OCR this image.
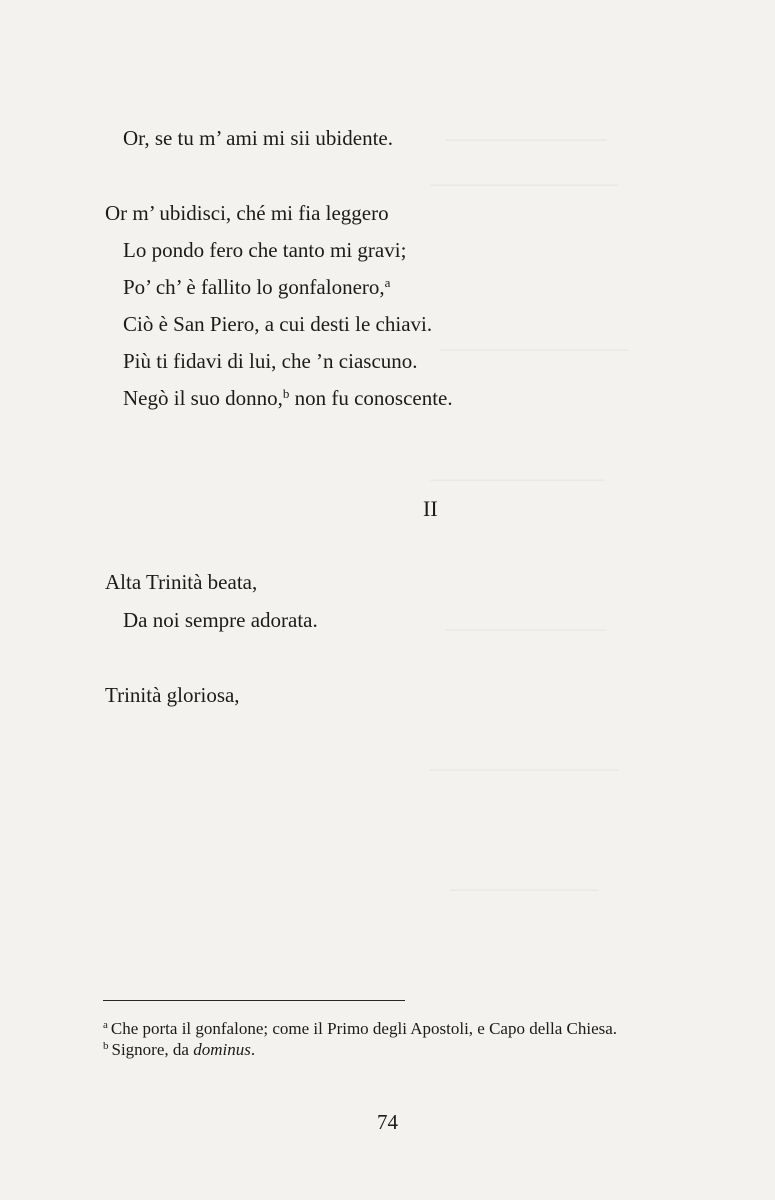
Or, se tu m’ ami mi sii ubidente.
Or m’ ubidisci, ché mi fia leggero
Lo pondo fero che tanto mi gravi;
Po’ ch’ è fallito lo gonfalonero,$^a$
Ciò è San Piero, a cui desti le chiavi.
Più ti fidavi di lui, che ’n ciascuno.
Negò il suo donno,$^b$ non fu conoscente.
II
Alta Trinità beata,
Da noi sempre adorata.
Trinità gloriosa,
$^a$ Che porta il gonfalone; come il Primo degli Apostoli, e Capo della Chiesa.
$^b$ Signore, da dominus.
74
